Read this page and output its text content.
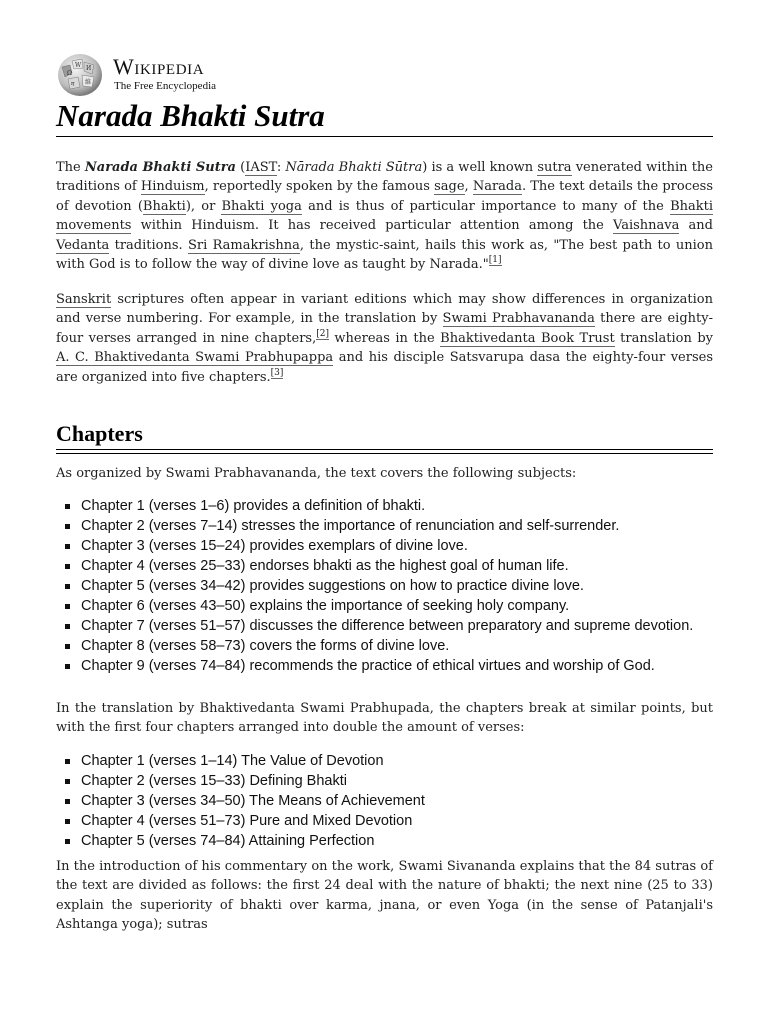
Ω
W И
ग 維
Wikipedia
The Free Encyclopedia
Narada Bhakti Sutra

The Narada Bhakti Sutra (IAST: Nārada Bhakti Sūtra) is a well known sutra venerated within the traditions of Hinduism, reportedly spoken by the famous sage, Narada. The text details the process of devotion (Bhakti), or Bhakti yoga and is thus of particular importance to many of the Bhakti movements within Hinduism. It has received particular attention among the Vaishnava and Vedanta traditions. Sri Ramakrishna, the mystic-saint, hails this work as, "The best path to union with God is to follow the way of divine love as taught by Narada."[1]

Sanskrit scriptures often appear in variant editions which may show differences in organization and verse numbering. For example, in the translation by Swami Prabhavananda there are eighty-four verses arranged in nine chapters,[2] whereas in the Bhaktivedanta Book Trust translation by A. C. Bhaktivedanta Swami Prabhupappa and his disciple Satsvarupa dasa the eighty-four verses are organized into five chapters.[3]

Chapters

As organized by Swami Prabhavananda, the text covers the following subjects:

Chapter 1 (verses 1–6) provides a definition of bhakti.
Chapter 2 (verses 7–14) stresses the importance of renunciation and self-surrender.
Chapter 3 (verses 15–24) provides exemplars of divine love.
Chapter 4 (verses 25–33) endorses bhakti as the highest goal of human life.
Chapter 5 (verses 34–42) provides suggestions on how to practice divine love.
Chapter 6 (verses 43–50) explains the importance of seeking holy company.
Chapter 7 (verses 51–57) discusses the difference between preparatory and supreme devotion.
Chapter 8 (verses 58–73) covers the forms of divine love.
Chapter 9 (verses 74–84) recommends the practice of ethical virtues and worship of God.

In the translation by Bhaktivedanta Swami Prabhupada, the chapters break at similar points, but with the first four chapters arranged into double the amount of verses:

Chapter 1 (verses 1–14) The Value of Devotion
Chapter 2 (verses 15–33) Defining Bhakti
Chapter 3 (verses 34–50) The Means of Achievement
Chapter 4 (verses 51–73) Pure and Mixed Devotion
Chapter 5 (verses 74–84) Attaining Perfection

In the introduction of his commentary on the work, Swami Sivananda explains that the 84 sutras of the text are divided as follows: the first 24 deal with the nature of bhakti; the next nine (25 to 33) explain the superiority of bhakti over karma, jnana, or even Yoga (in the sense of Patanjali's Ashtanga yoga); sutras
